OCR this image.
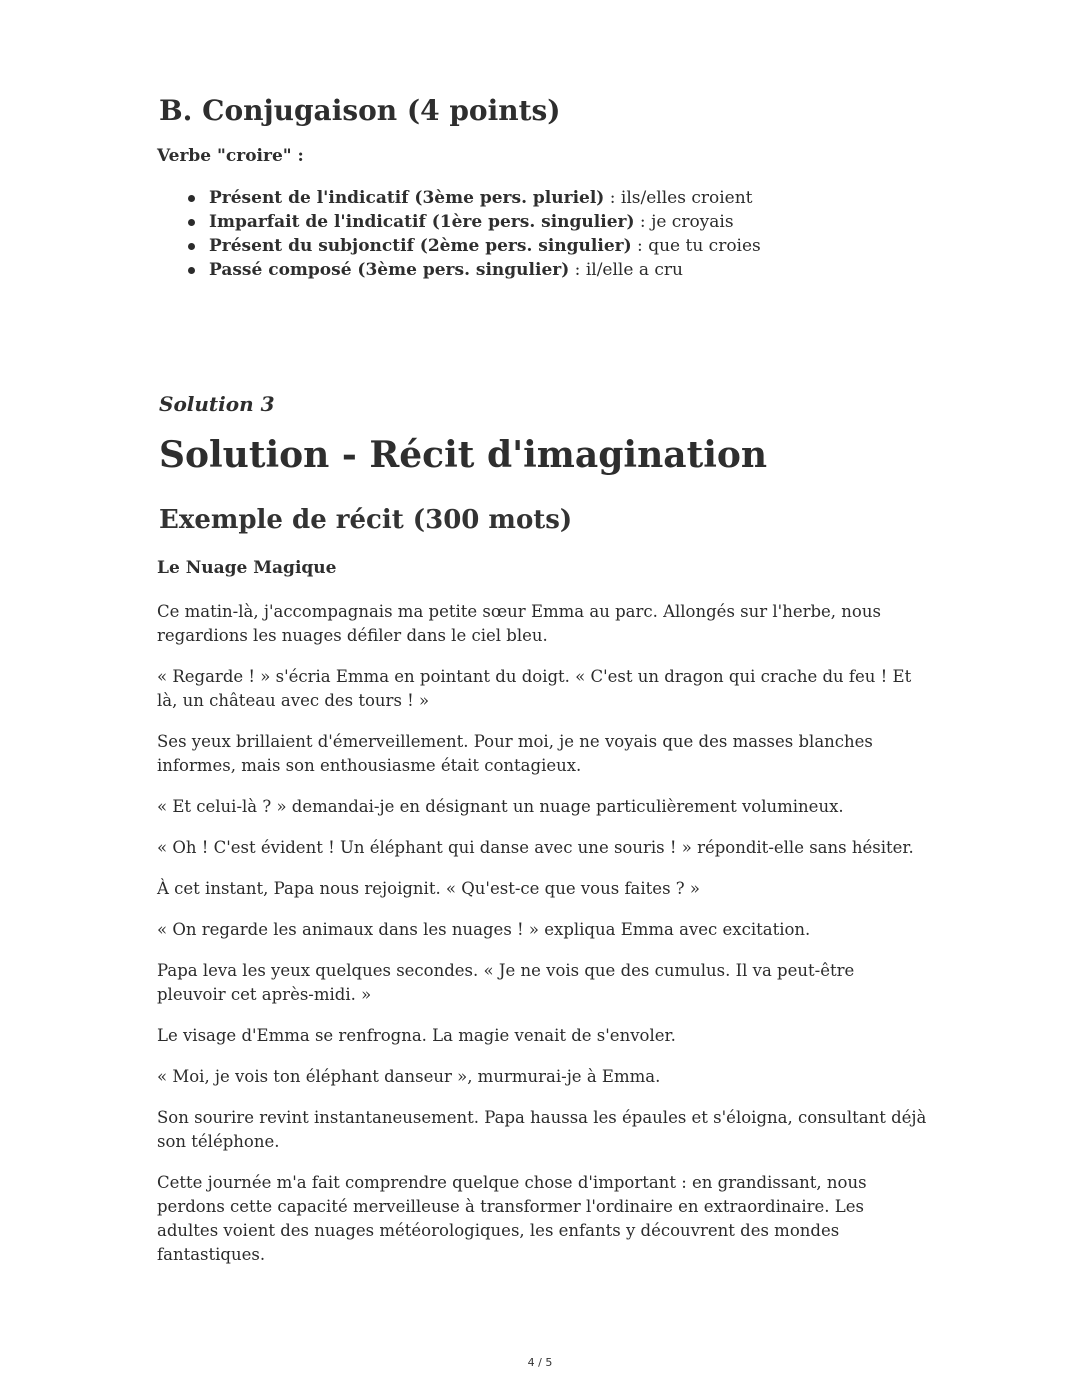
B. Conjugaison (4 points)

Verbe "croire" :

Présent de l'indicatif (3ème pers. pluriel) : ils/elles croient
Imparfait de l'indicatif (1ère pers. singulier) : je croyais
Présent du subjonctif (2ème pers. singulier) : que tu croies
Passé composé (3ème pers. singulier) : il/elle a cru

Solution 3

Solution - Récit d'imagination
Exemple de récit (300 mots)

Le Nuage Magique

Ce matin-là, j'accompagnais ma petite sœur Emma au parc. Allongés sur l'herbe, nous regardions les nuages défiler dans le ciel bleu.

« Regarde ! » s'écria Emma en pointant du doigt. « C'est un dragon qui crache du feu ! Et là, un château avec des tours ! »

Ses yeux brillaient d'émerveillement. Pour moi, je ne voyais que des masses blanches informes, mais son enthousiasme était contagieux.

« Et celui-là ? » demandai-je en désignant un nuage particulièrement volumineux.

« Oh ! C'est évident ! Un éléphant qui danse avec une souris ! » répondit-elle sans hésiter.

À cet instant, Papa nous rejoignit. « Qu'est-ce que vous faites ? »

« On regarde les animaux dans les nuages ! » expliqua Emma avec excitation.

Papa leva les yeux quelques secondes. « Je ne vois que des cumulus. Il va peut-être pleuvoir cet après-midi. »

Le visage d'Emma se renfrogna. La magie venait de s'envoler.

« Moi, je vois ton éléphant danseur », murmurai-je à Emma.

Son sourire revint instantaneusement. Papa haussa les épaules et s'éloigna, consultant déjà son téléphone.

Cette journée m'a fait comprendre quelque chose d'important : en grandissant, nous perdons cette capacité merveilleuse à transformer l'ordinaire en extraordinaire. Les adultes voient des nuages météorologiques, les enfants y découvrent des mondes fantastiques.

4 / 5
